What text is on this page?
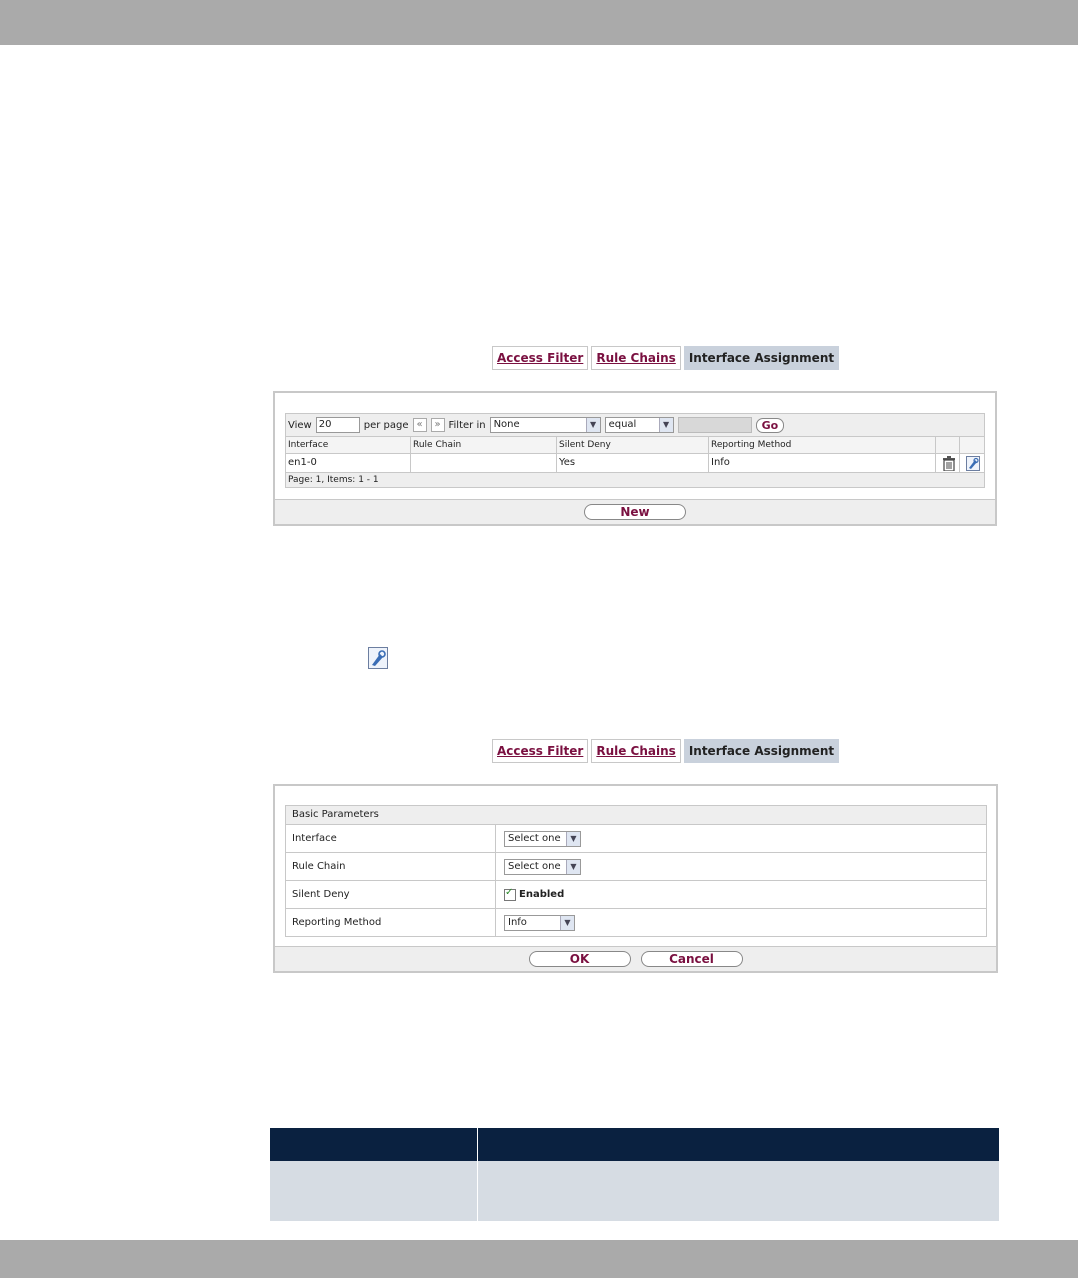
Access Filter	Rule Chains	Interface Assignment
View 20	per page «	» Filter in None	▼	equal	▼	Go
Interface	Rule Chain	Silent Deny	Reporting Method
en1-0	Yes	Info
Page: 1, Items: 1 - 1
New
Access Filter	Rule Chains	Interface Assignment
Basic Parameters
Interface	Select one	▼
Rule Chain	Select one	▼
Silent Deny
✓	Enabled
Reporting Method	Info	▼
OK	Cancel
